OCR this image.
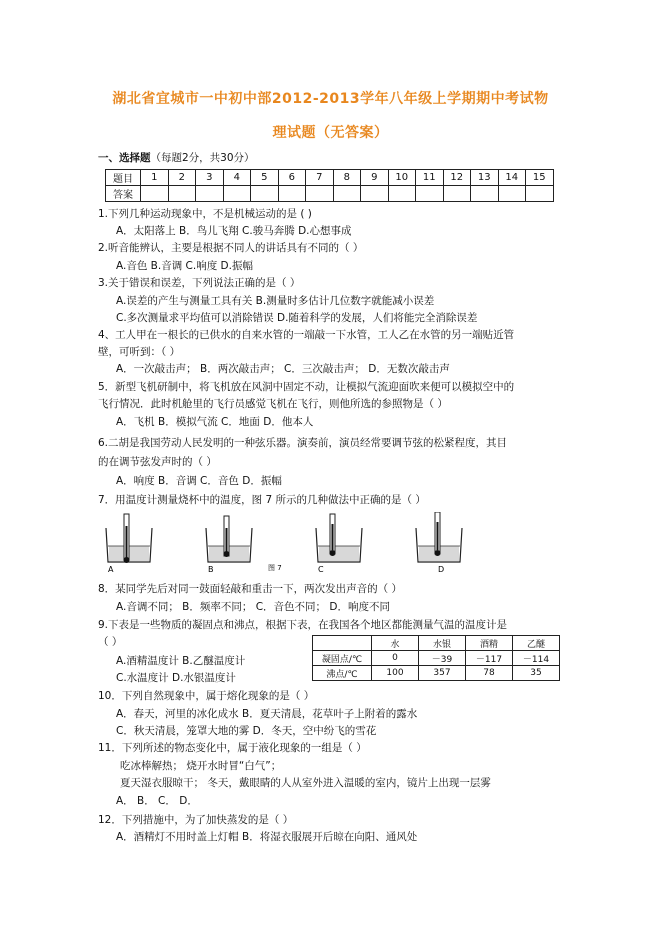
湖北省宜城市一中初中部2012-2013学年八年级上学期期中考试物
理试题（无答案）
一、选择题（每题2分，共30分）
题目	1	2	3	4	5	6	7	8	9	10	11	12	13	14	15
答案															
1.下列几种运动现象中，不是机械运动的是 ( )
A．太阳落上 B．鸟儿飞翔 C.骏马奔腾 D.心想事成
2.听音能辨认，主要是根据不同人的讲话具有不同的（ ）
A.音色 B.音调 C.响度 D.振幅
3.关于错误和误差，下列说法正确的是（ ）
A.误差的产生与测量工具有关 B.测量时多估计几位数字就能减小误差
C.多次测量求平均值可以消除错误 D.随着科学的发展，人们将能完全消除误差
4、工人甲在一根长的已供水的自来水管的一端敲一下水管，工人乙在水管的另一端贴近管
壁，可听到：（ ）
A．一次敲击声； B．两次敲击声； C．三次敲击声； D．无数次敲击声
5．新型飞机研制中，将飞机放在风洞中固定不动，让模拟气流迎面吹来便可以模拟空中的
飞行情况．此时机舱里的飞行员感觉飞机在飞行，则他所选的参照物是（ ）
A．飞机 B．模拟气流 C．地面 D．他本人
6.二胡是我国劳动人民发明的一种弦乐器。演奏前，演员经常要调节弦的松紧程度，其目
的在调节弦发声时的（ ）
A．响度 B．音调 C．音色 D．振幅
7．用温度计测量烧杯中的温度，图 7 所示的几种做法中正确的是（ ）
A	B	图 7	C	D
8．某同学先后对同一鼓面轻敲和重击一下，两次发出声音的（ ）
A.音调不同； B．频率不同； C．音色不同； D．响度不同
9.下表是一些物质的凝固点和沸点，根据下表，在我国各个地区都能测量气温的温度计是
（ ）
A.酒精温度计 B.乙醚温度计
C.水温度计 D.水银温度计
	水	水银	酒精	乙醚
凝固点/℃	0	－39	－117	－114
沸点/℃	100	357	78	35
10．下列自然现象中，属于熔化现象的是（ ）
A．春天，河里的冰化成水 B．夏天清晨，花草叶子上附着的露水
C．秋天清晨，笼罩大地的雾 D．冬天，空中纷飞的雪花
11．下列所述的物态变化中，属于液化现象的一组是（ ）
吃冰棒解热； 烧开水时冒“白气”；
夏天湿衣服晾干； 冬天，戴眼睛的人从室外进入温暖的室内，镜片上出现一层雾
A． B． C． D．
12．下列措施中，为了加快蒸发的是（ ）
A．酒精灯不用时盖上灯帽 B．将湿衣服展开后晾在向阳、通风处
